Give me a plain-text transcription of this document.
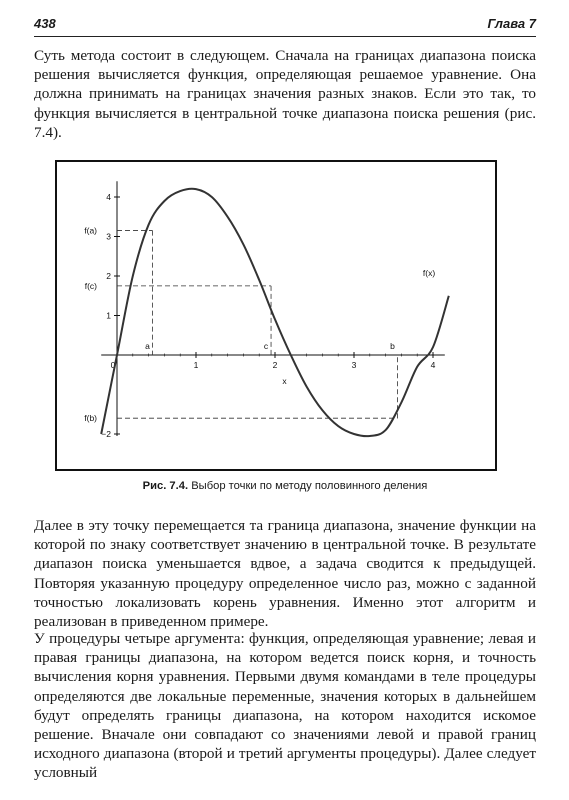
438	Глава 7

Суть метода состоит в следующем. Сначала на границах диапазона поиска решения вычисляется функция, определяющая решаемое уравнение. Она должна принимать на границах значения разных знаков. Если это так, то функция вычисляется в центральной точке диапазона поиска решения (рис. 7.4).

0	1	2	3	4
−2
1
2
3
4
x
a
f(a)
c
f(c)
b
f(b)
f(x)
Рис. 7.4. Выбор точки по методу половинного деления

Далее в эту точку перемещается та граница диапазона, значение функции на которой по знаку соответствует значению в центральной точке. В результате диапазон поиска уменьшается вдвое, а задача сводится к предыдущей. Повторяя указанную процедуру определенное число раз, можно с заданной точностью локализовать корень уравнения. Именно этот алгоритм и реализован в приведенном примере.

У процедуры четыре аргумента: функция, определяющая уравнение; левая и правая границы диапазона, на котором ведется поиск корня, и точность вычисления корня уравнения. Первыми двумя командами в теле процедуры определяются две локальные переменные, значения которых в дальнейшем будут определять границы диапазона, на котором находится искомое решение. Вначале они совпадают со значениями левой и правой границ исходного диапазона (второй и третий аргументы процедуры). Далее следует условный
